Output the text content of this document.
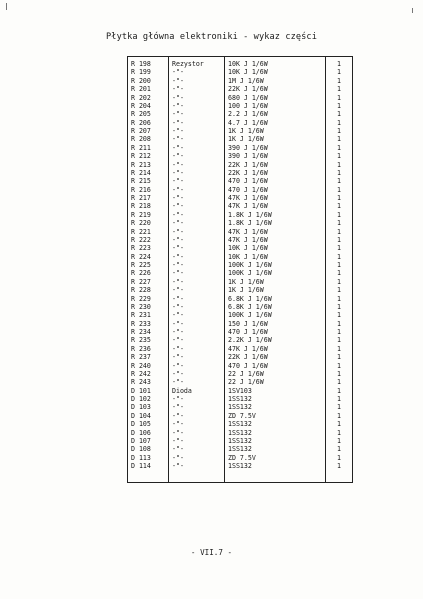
Płytka główna elektroniki - wykaz części
R 198	Rezystor	10K J 1/6W	1
R 199	-"-	10K J 1/6W	1
R 200	-"-	1M J 1/6W	1
R 201	-"-	22K J 1/6W	1
R 202	-"-	680 J 1/6W	1
R 204	-"-	100 J 1/6W	1
R 205	-"-	2.2 J 1/6W	1
R 206	-"-	4.7 J 1/6W	1
R 207	-"-	1K J 1/6W	1
R 208	-"-	1K J 1/6W	1
R 211	-"-	390 J 1/6W	1
R 212	-"-	390 J 1/6W	1
R 213	-"-	22K J 1/6W	1
R 214	-"-	22K J 1/6W	1
R 215	-"-	470 J 1/6W	1
R 216	-"-	470 J 1/6W	1
R 217	-"-	47K J 1/6W	1
R 218	-"-	47K J 1/6W	1
R 219	-"-	1.8K J 1/6W	1
R 220	-"-	1.8K J 1/6W	1
R 221	-"-	47K J 1/6W	1
R 222	-"-	47K J 1/6W	1
R 223	-"-	10K J 1/6W	1
R 224	-"-	10K J 1/6W	1
R 225	-"-	100K J 1/6W	1
R 226	-"-	100K J 1/6W	1
R 227	-"-	1K J 1/6W	1
R 228	-"-	1K J 1/6W	1
R 229	-"-	6.8K J 1/6W	1
R 230	-"-	6.8K J 1/6W	1
R 231	-"-	100K J 1/6W	1
R 233	-"-	150 J 1/6W	1
R 234	-"-	470 J 1/6W	1
R 235	-"-	2.2K J 1/6W	1
R 236	-"-	47K J 1/6W	1
R 237	-"-	22K J 1/6W	1
R 240	-"-	470 J 1/6W	1
R 242	-"-	22 J 1/6W	1
R 243	-"-	22 J 1/6W	1
D 101	Dioda	1SV103	1
D 102	-"-	1SS132	1
D 103	-"-	1SS132	1
D 104	-"-	ZD 7.5V	1
D 105	-"-	1SS132	1
D 106	-"-	1SS132	1
D 107	-"-	1SS132	1
D 108	-"-	1SS132	1
D 113	-"-	ZD 7.5V	1
D 114	-"-	1SS132	1
- VII.7 -
